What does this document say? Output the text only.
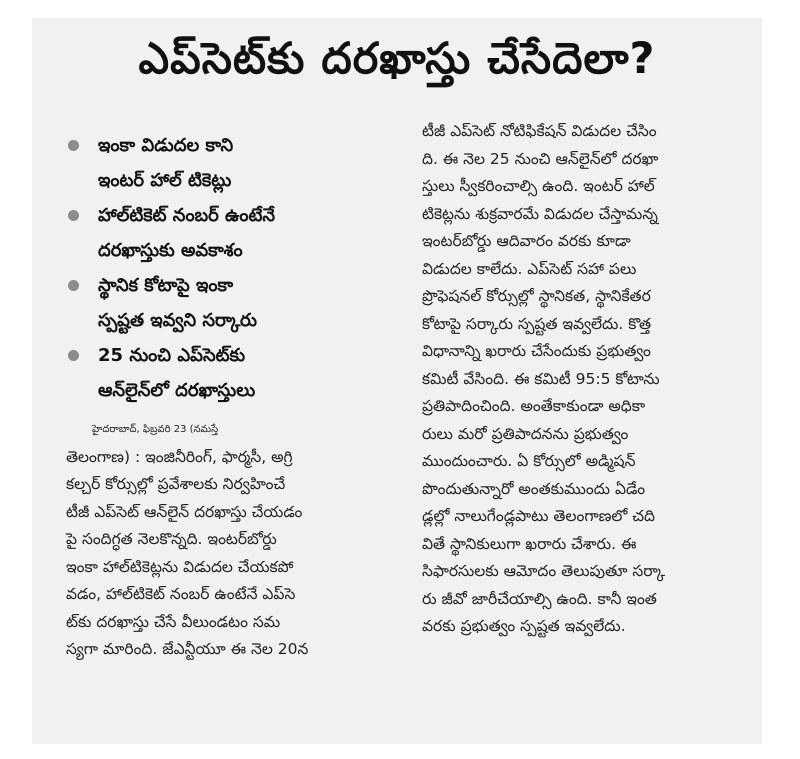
ఎప్‌సెట్‌కు దరఖాస్తు చేసేదెలా?
ఇంకా విడుదల కాని
ఇంటర్ హాల్ టికెట్లు
హాల్‌టికెట్ నంబర్ ఉంటేనే
దరఖాస్తుకు అవకాశం
స్థానిక కోటాపై ఇంకా
స్పష్టత ఇవ్వని సర్కారు
25 నుంచి ఎప్‌సెట్‌కు
ఆన్‌లైన్‌లో దరఖాస్తులు
హైదరాబాద్, ఫిబ్రవరి 23 (నమస్తే
తెలంగాణ) : ఇంజినీరింగ్, ఫార్మసీ, అగ్రి
కల్చర్ కోర్సుల్లో ప్రవేశాలకు నిర్వహించే
టీజీ ఎప్‌సెట్ ఆన్‌లైన్ దరఖాస్తు చేయడం
పై సందిగ్ధత నెలకొన్నది. ఇంటర్‌బోర్డు
ఇంకా హాల్‌టికెట్లను విడుదల చేయకపో
వడం, హాల్‌టికెట్ నంబర్ ఉంటేనే ఎప్‌సె
ట్‌కు దరఖాస్తు చేసే వీలుండటం సమ
స్యగా మారింది. జేఎన్టీయూ ఈ నెల 20న
టీజీ ఎప్‌సెట్ నోటిఫికేషన్ విడుదల చేసిం
ది. ఈ నెల 25 నుంచి ఆన్‌లైన్‌లో దరఖా
స్తులు స్వీకరించాల్సి ఉంది. ఇంటర్ హాల్
టికెట్లను శుక్రవారమే విడుదల చేస్తామన్న
ఇంటర్‌బోర్డు ఆదివారం వరకు కూడా
విడుదల కాలేదు. ఎప్‌సెట్ సహా పలు
ప్రొఫెషనల్ కోర్సుల్లో స్థానికత, స్థానికేతర
కోటాపై సర్కారు స్పష్టత ఇవ్వలేదు. కొత్త
విధానాన్ని ఖరారు చేసేందుకు ప్రభుత్వం
కమిటీ వేసింది. ఈ కమిటీ 95:5 కోటాను
ప్రతిపాదించింది. అంతేకాకుండా అధికా
రులు మరో ప్రతిపాదనను ప్రభుత్వం
ముందుంచారు. ఏ కోర్సులో అడ్మిషన్
పొందుతున్నారో అంతకుముందు ఏడేం
డ్లల్లో నాలుగేండ్లపాటు తెలంగాణలో చది
వితే స్థానికులుగా ఖరారు చేశారు. ఈ
సిఫారసులకు ఆమోదం తెలుపుతూ సర్కా
రు జీవో జారీచేయాల్సి ఉంది. కానీ ఇంత
వరకు ప్రభుత్వం స్పష్టత ఇవ్వలేదు.
